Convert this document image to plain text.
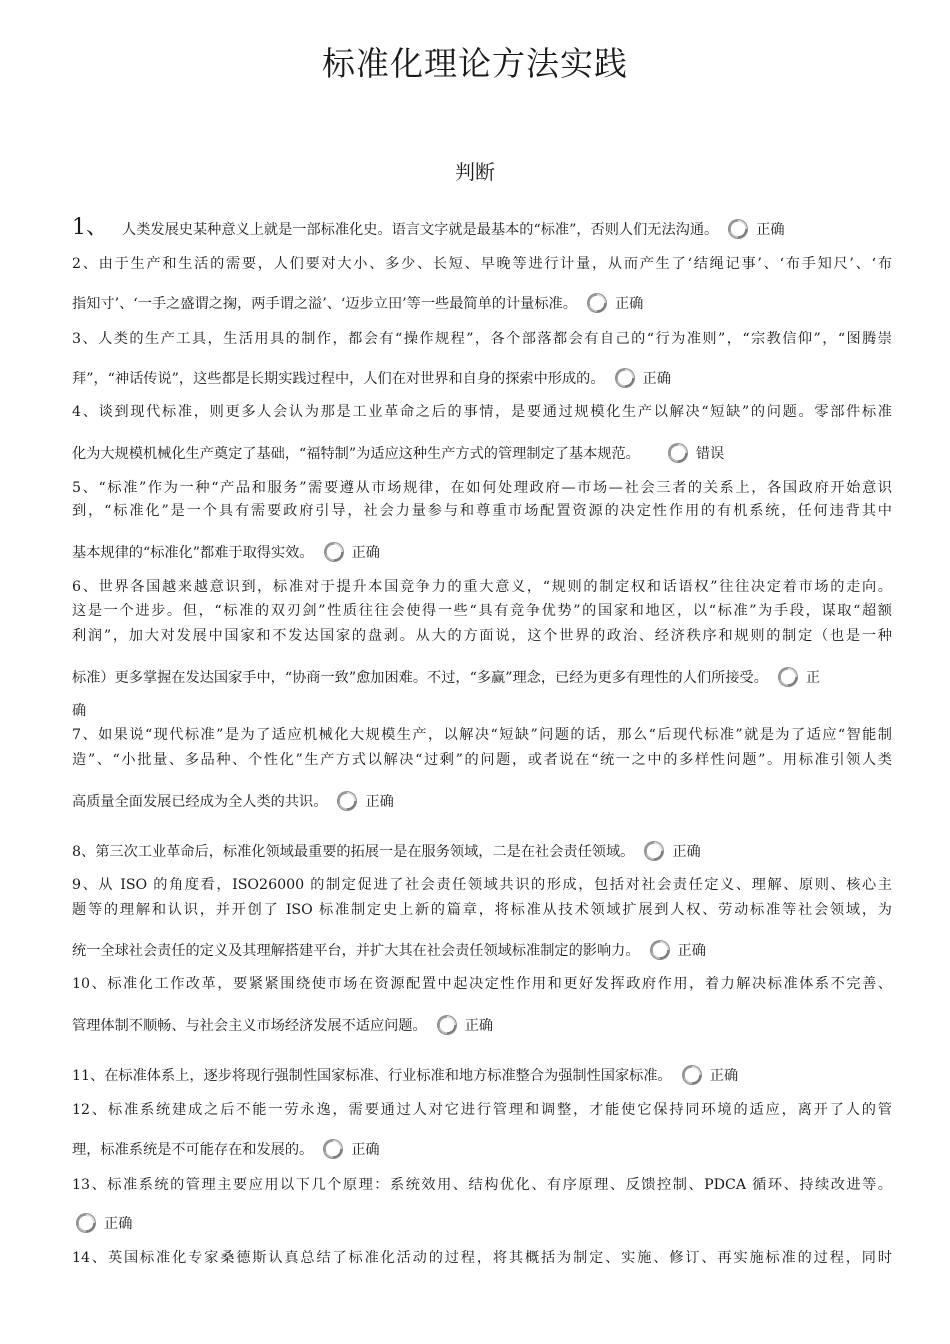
标准化理论方法实践
判断
1、 人类发展史某种意义上就是一部标准化史。语言文字就是最基本的“标准”，否则人们无法沟通。	正确
2、由于生产和生活的需要，人们要对大小、多少、长短、早晚等进行计量，从而产生了‘结绳记事’、‘布手知尺’、‘布
指知寸’、‘一手之盛谓之掬，两手谓之溢’、‘迈步立田’等一些最简单的计量标准。	正确
3、人类的生产工具，生活用具的制作，都会有“操作规程”，各个部落都会有自己的“行为准则”，“宗教信仰”，“图腾崇
拜”，“神话传说”，这些都是长期实践过程中，人们在对世界和自身的探索中形成的。	正确
4、谈到现代标准，则更多人会认为那是工业革命之后的事情，是要通过规模化生产以解决“短缺”的问题。零部件标准
化为大规模机械化生产奠定了基础，“福特制”为适应这种生产方式的管理制定了基本规范。	错误
5、“标准”作为一种“产品和服务”需要遵从市场规律，在如何处理政府—市场—社会三者的关系上，各国政府开始意识
到，“标准化”是一个具有需要政府引导，社会力量参与和尊重市场配置资源的决定性作用的有机系统，任何违背其中
基本规律的“标准化”都难于取得实效。	正确
6、世界各国越来越意识到，标准对于提升本国竞争力的重大意义，“规则的制定权和话语权”往往决定着市场的走向。
这是一个进步。但，“标准的双刃剑”性质往往会使得一些“具有竞争优势”的国家和地区，以“标准”为手段，谋取“超额
利润”，加大对发展中国家和不发达国家的盘剥。从大的方面说，这个世界的政治、经济秩序和规则的制定（也是一种
标准）更多掌握在发达国家手中，“协商一致”愈加困难。不过，“多赢”理念，已经为更多有理性的人们所接受。	正
确
7、如果说“现代标准”是为了适应机械化大规模生产，以解决“短缺”问题的话，那么“后现代标准”就是为了适应“智能制
造”、“小批量、多品种、个性化”生产方式以解决“过剩”的问题，或者说在“统一之中的多样性问题”。用标准引领人类
高质量全面发展已经成为全人类的共识。	正确
8、第三次工业革命后，标准化领域最重要的拓展一是在服务领域，二是在社会责任领域。	正确
9、从 ISO 的角度看，ISO26000 的制定促进了社会责任领域共识的形成，包括对社会责任定义、理解、原则、核心主
题等的理解和认识，并开创了 ISO 标准制定史上新的篇章，将标准从技术领域扩展到人权、劳动标准等社会领域，为
统一全球社会责任的定义及其理解搭建平台，并扩大其在社会责任领域标准制定的影响力。	正确
10、标准化工作改革，要紧紧围绕使市场在资源配置中起决定性作用和更好发挥政府作用，着力解决标准体系不完善、
管理体制不顺畅、与社会主义市场经济发展不适应问题。	正确
11、在标准体系上，逐步将现行强制性国家标准、行业标准和地方标准整合为强制性国家标准。	正确
12、标准系统建成之后不能一劳永逸，需要通过人对它进行管理和调整，才能使它保持同环境的适应，离开了人的管
理，标准系统是不可能存在和发展的。	正确
13、标准系统的管理主要应用以下几个原理：系统效用、结构优化、有序原理、反馈控制、PDCA 循环、持续改进等。
正确
14、英国标准化专家桑德斯认真总结了标准化活动的过程，将其概括为制定、实施、修订、再实施标准的过程，同时
